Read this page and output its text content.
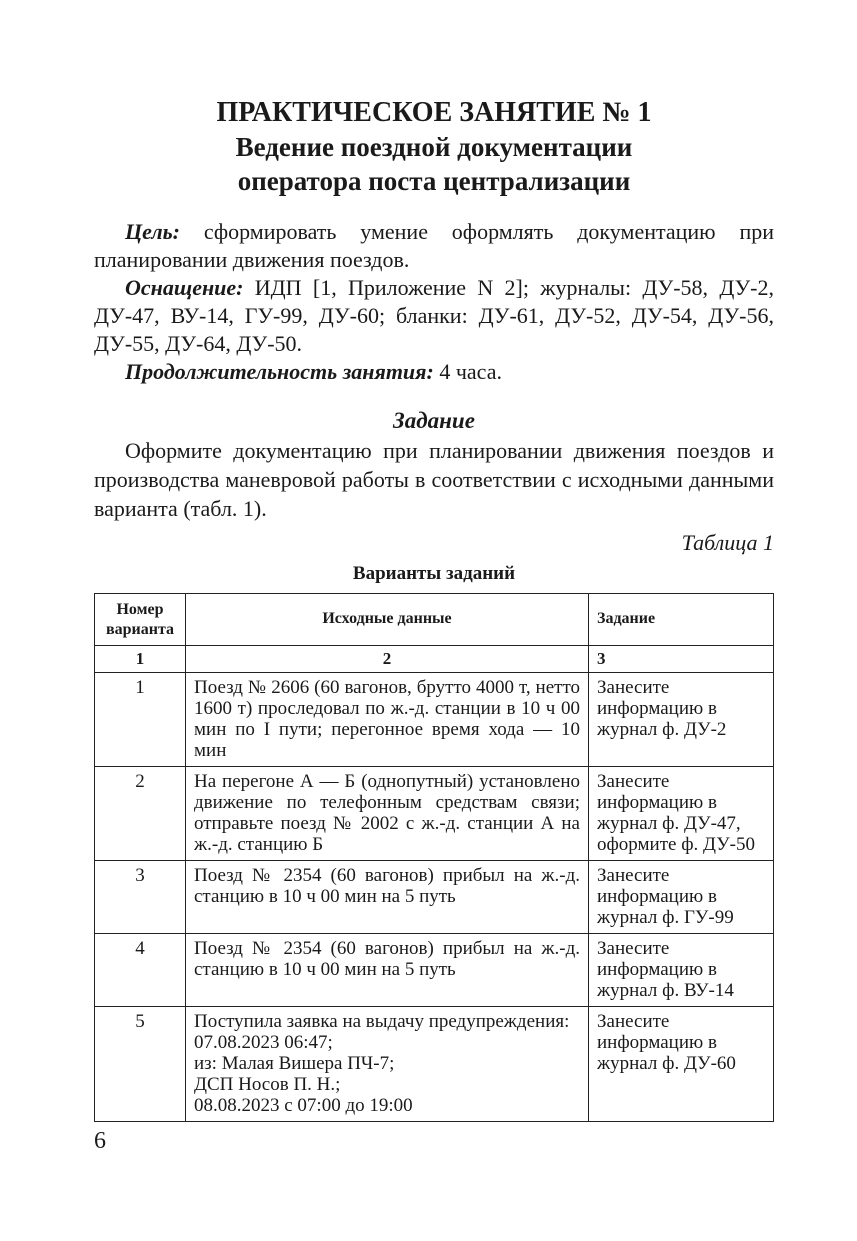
ПРАКТИЧЕСКОЕ ЗАНЯТИЕ № 1
Ведение поездной документации
оператора поста централизации

Цель: сформировать умение оформлять документацию при планировании движения поездов.

Оснащение: ИДП [1, Приложение N 2]; журналы: ДУ-58, ДУ-2, ДУ-47, ВУ-14, ГУ-99, ДУ-60; бланки: ДУ-61, ДУ-52, ДУ-54, ДУ-56, ДУ-55, ДУ-64, ДУ-50.

Продолжительность занятия: 4 часа.

Задание

Оформите документацию при планировании движения поездов и производства маневровой работы в соответствии с исходными данными варианта (табл. 1).

Таблица 1

Варианты заданий

Номер варианта	Исходные данные	Задание
1	2	3
1	Поезд № 2606 (60 вагонов, брутто 4000 т, нетто 1600 т) проследовал по ж.-д. станции в 10 ч 00 мин по I пути; перегонное время хода — 10 мин	Занесите информацию в журнал ф. ДУ-2
2	На перегоне А — Б (однопутный) установлено движение по телефонным средствам связи; отправьте поезд № 2002 с ж.-д. станции А на ж.-д. станцию Б	Занесите информацию в журнал ф. ДУ-47, оформите ф. ДУ-50
3	Поезд № 2354 (60 вагонов) прибыл на ж.-д. станцию в 10 ч 00 мин на 5 путь	Занесите информацию в журнал ф. ГУ-99
4	Поезд № 2354 (60 вагонов) прибыл на ж.-д. станцию в 10 ч 00 мин на 5 путь	Занесите информацию в журнал ф. ВУ-14
5	Поступила заявка на выдачу предупреждения:
07.08.2023 06:47;
из: Малая Вишера ПЧ-7;
ДСП Носов П. Н.;
08.08.2023 с 07:00 до 19:00	Занесите информацию в журнал ф. ДУ-60
6
